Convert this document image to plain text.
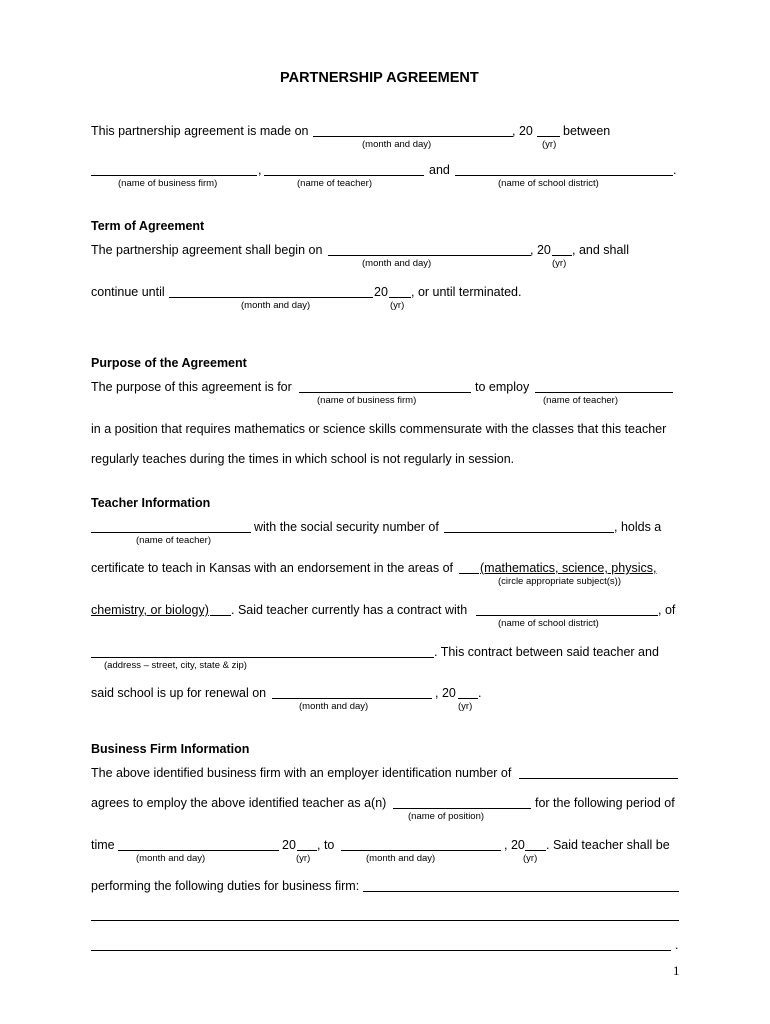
PARTNERSHIP AGREEMENT
This partnership agreement is made on	, 20 between
(month and day)	(yr)
,	and	.
(name of business firm)	(name of teacher)	(name of school district)
Term of Agreement
The partnership agreement shall begin on	, 20 , and shall
(month and day)	(yr)
continue until	20 , or until terminated.
(month and day)	(yr)
Purpose of the Agreement
The purpose of this agreement is for	to employ
(name of business firm)	(name of teacher)
in a position that requires mathematics or science skills commensurate with the classes that this teacher
regularly teaches during the times in which school is not regularly in session.
Teacher Information
with the social security number of	, holds a
(name of teacher)
certificate to teach in Kansas with an endorsement in the areas of (mathematics, science, physics,
(circle appropriate subject(s))
chemistry, or biology) . Said teacher currently has a contract with	, of
(name of school district)
. This contract between said teacher and
(address – street, city, state & zip)
said school is up for renewal on	, 20 .
(month and day)	(yr)
Business Firm Information
The above identified business firm with an employer identification number of
agrees to employ the above identified teacher as a(n)	for the following period of
(name of position)
time	20 , to	, 20 . Said teacher shall be
(month and day)	(yr)	(month and day)	(yr)
performing the following duties for business firm:
.
1
